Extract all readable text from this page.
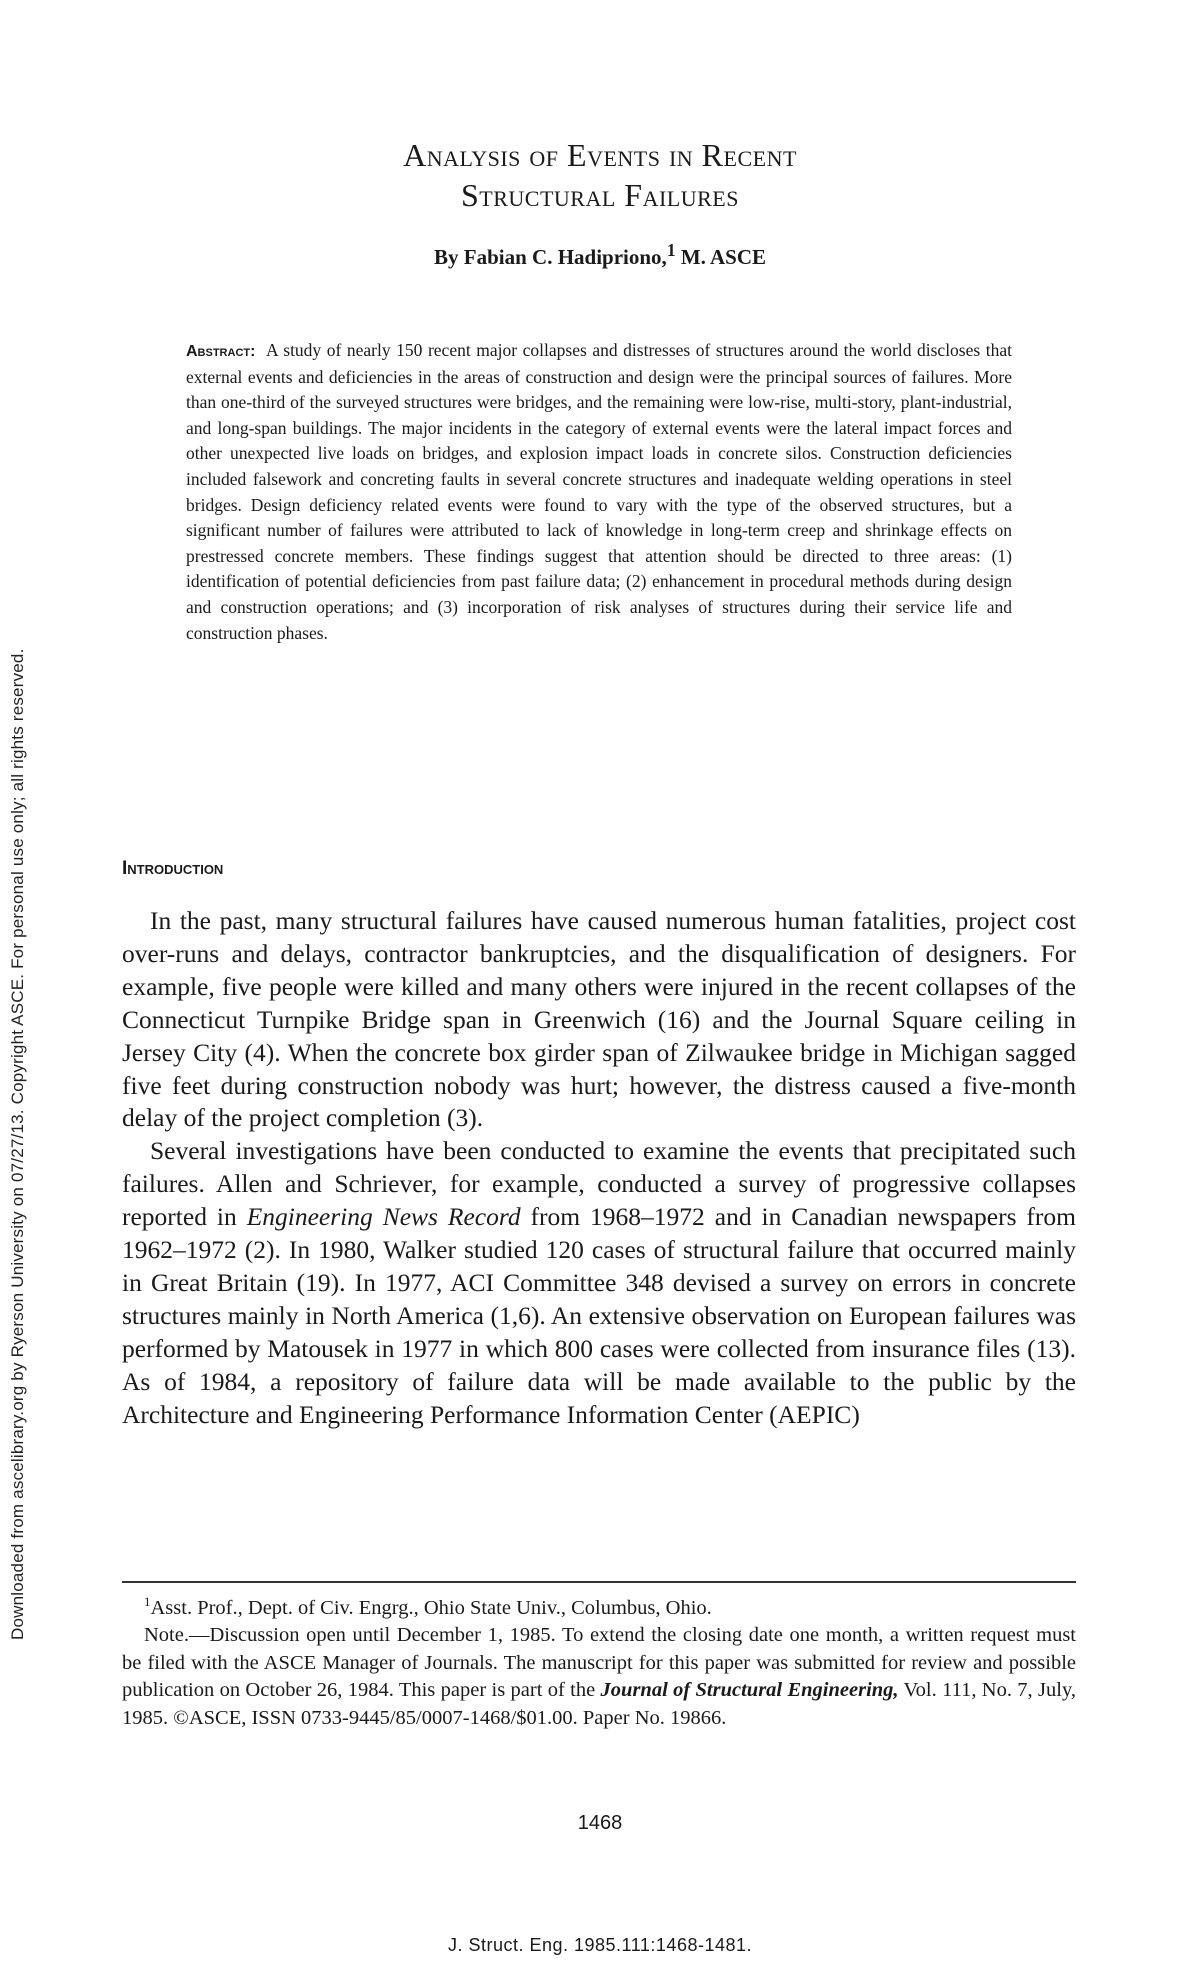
Downloaded from ascelibrary.org by Ryerson University on 07/27/13. Copyright ASCE. For personal use only; all rights reserved.
Analysis of Events in Recent
Structural Failures
By Fabian C. Hadipriono,$^1$ M. ASCE
Abstract: A study of nearly 150 recent major collapses and distresses of structures around the world discloses that external events and deficiencies in the areas of construction and design were the principal sources of failures. More than one-third of the surveyed structures were bridges, and the remaining were low-rise, multi-story, plant-industrial, and long-span buildings. The major incidents in the category of external events were the lateral impact forces and other unexpected live loads on bridges, and explosion impact loads in concrete silos. Construction deficiencies included falsework and concreting faults in several concrete structures and inadequate welding operations in steel bridges. Design deficiency related events were found to vary with the type of the observed structures, but a significant number of failures were attributed to lack of knowledge in long-term creep and shrinkage effects on prestressed concrete members. These findings suggest that attention should be directed to three areas: (1) identification of potential deficiencies from past failure data; (2) enhancement in procedural methods during design and construction operations; and (3) incorporation of risk analyses of structures during their service life and construction phases.
Introduction

In the past, many structural failures have caused numerous human fatalities, project cost over-runs and delays, contractor bankruptcies, and the disqualification of designers. For example, five people were killed and many others were injured in the recent collapses of the Connecticut Turnpike Bridge span in Greenwich (16) and the Journal Square ceiling in Jersey City (4). When the concrete box girder span of Zilwaukee bridge in Michigan sagged five feet during construction nobody was hurt; however, the distress caused a five-month delay of the project completion (3).

Several investigations have been conducted to examine the events that precipitated such failures. Allen and Schriever, for example, conducted a survey of progressive collapses reported in Engineering News Record from 1968–1972 and in Canadian newspapers from 1962–1972 (2). In 1980, Walker studied 120 cases of structural failure that occurred mainly in Great Britain (19). In 1977, ACI Committee 348 devised a survey on errors in concrete structures mainly in North America (1,6). An extensive observation on European failures was performed by Matousek in 1977 in which 800 cases were collected from insurance files (13). As of 1984, a repository of failure data will be made available to the public by the Architecture and Engineering Performance Information Center (AEPIC)

$^1$Asst. Prof., Dept. of Civ. Engrg., Ohio State Univ., Columbus, Ohio.

Note.—Discussion open until December 1, 1985. To extend the closing date one month, a written request must be filed with the ASCE Manager of Journals. The manuscript for this paper was submitted for review and possible publication on October 26, 1984. This paper is part of the Journal of Structural Engineering, Vol. 111, No. 7, July, 1985. ©ASCE, ISSN 0733-9445/85/0007-1468/$01.00. Paper No. 19866.

1468
J. Struct. Eng. 1985.111:1468-1481.
